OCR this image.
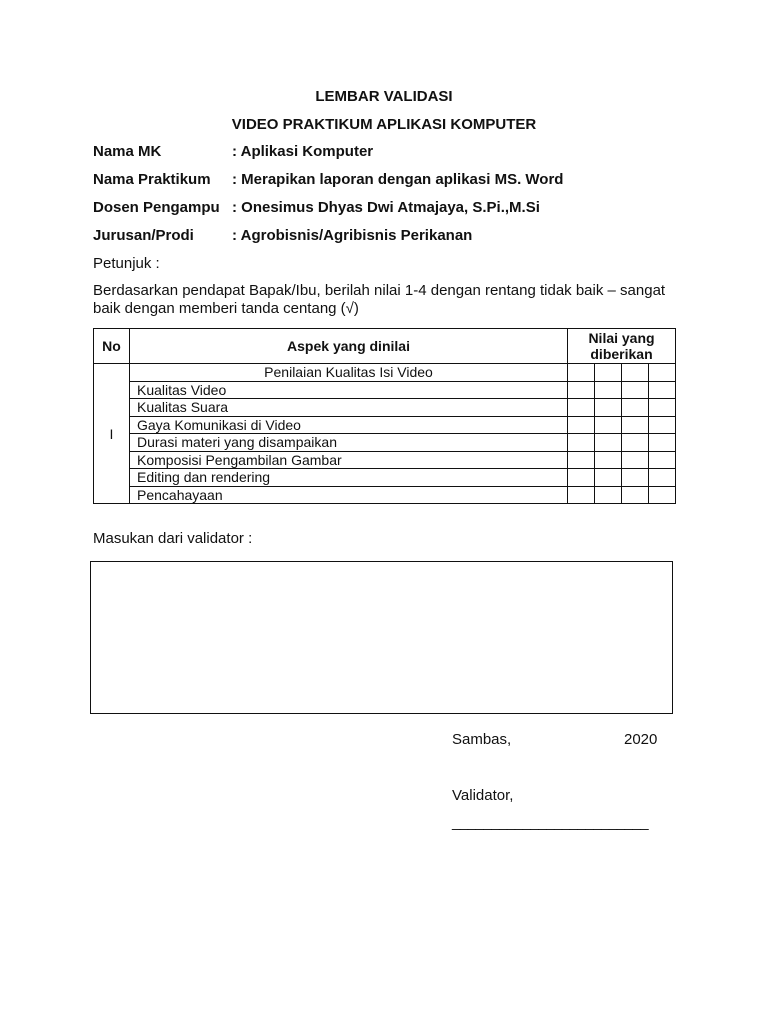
LEMBAR VALIDASI
VIDEO PRAKTIKUM APLIKASI KOMPUTER
Nama MK	: Aplikasi Komputer
Nama Praktikum : Merapikan laporan dengan aplikasi MS. Word
Dosen Pengampu : Onesimus Dhyas Dwi Atmajaya, S.Pi.,M.Si
Jurusan/Prodi	: Agrobisnis/Agribisnis Perikanan
Petunjuk :
Berdasarkan pendapat Bapak/Ibu, berilah nilai 1-4 dengan rentang tidak baik – sangat baik dengan memberi tanda centang (√)
No	Aspek yang dinilai	Nilai yang diberikan			
I	Penilaian Kualitas Isi Video				
	Kualitas Video				
	Kualitas Suara				
	Gaya Komunikasi di Video				
	Durasi materi yang disampaikan				
	Komposisi Pengambilan Gambar				
	Editing dan rendering				
	Pencahayaan				
Masukan dari validator :
Sambas,	2020
Validator,
_________________________
